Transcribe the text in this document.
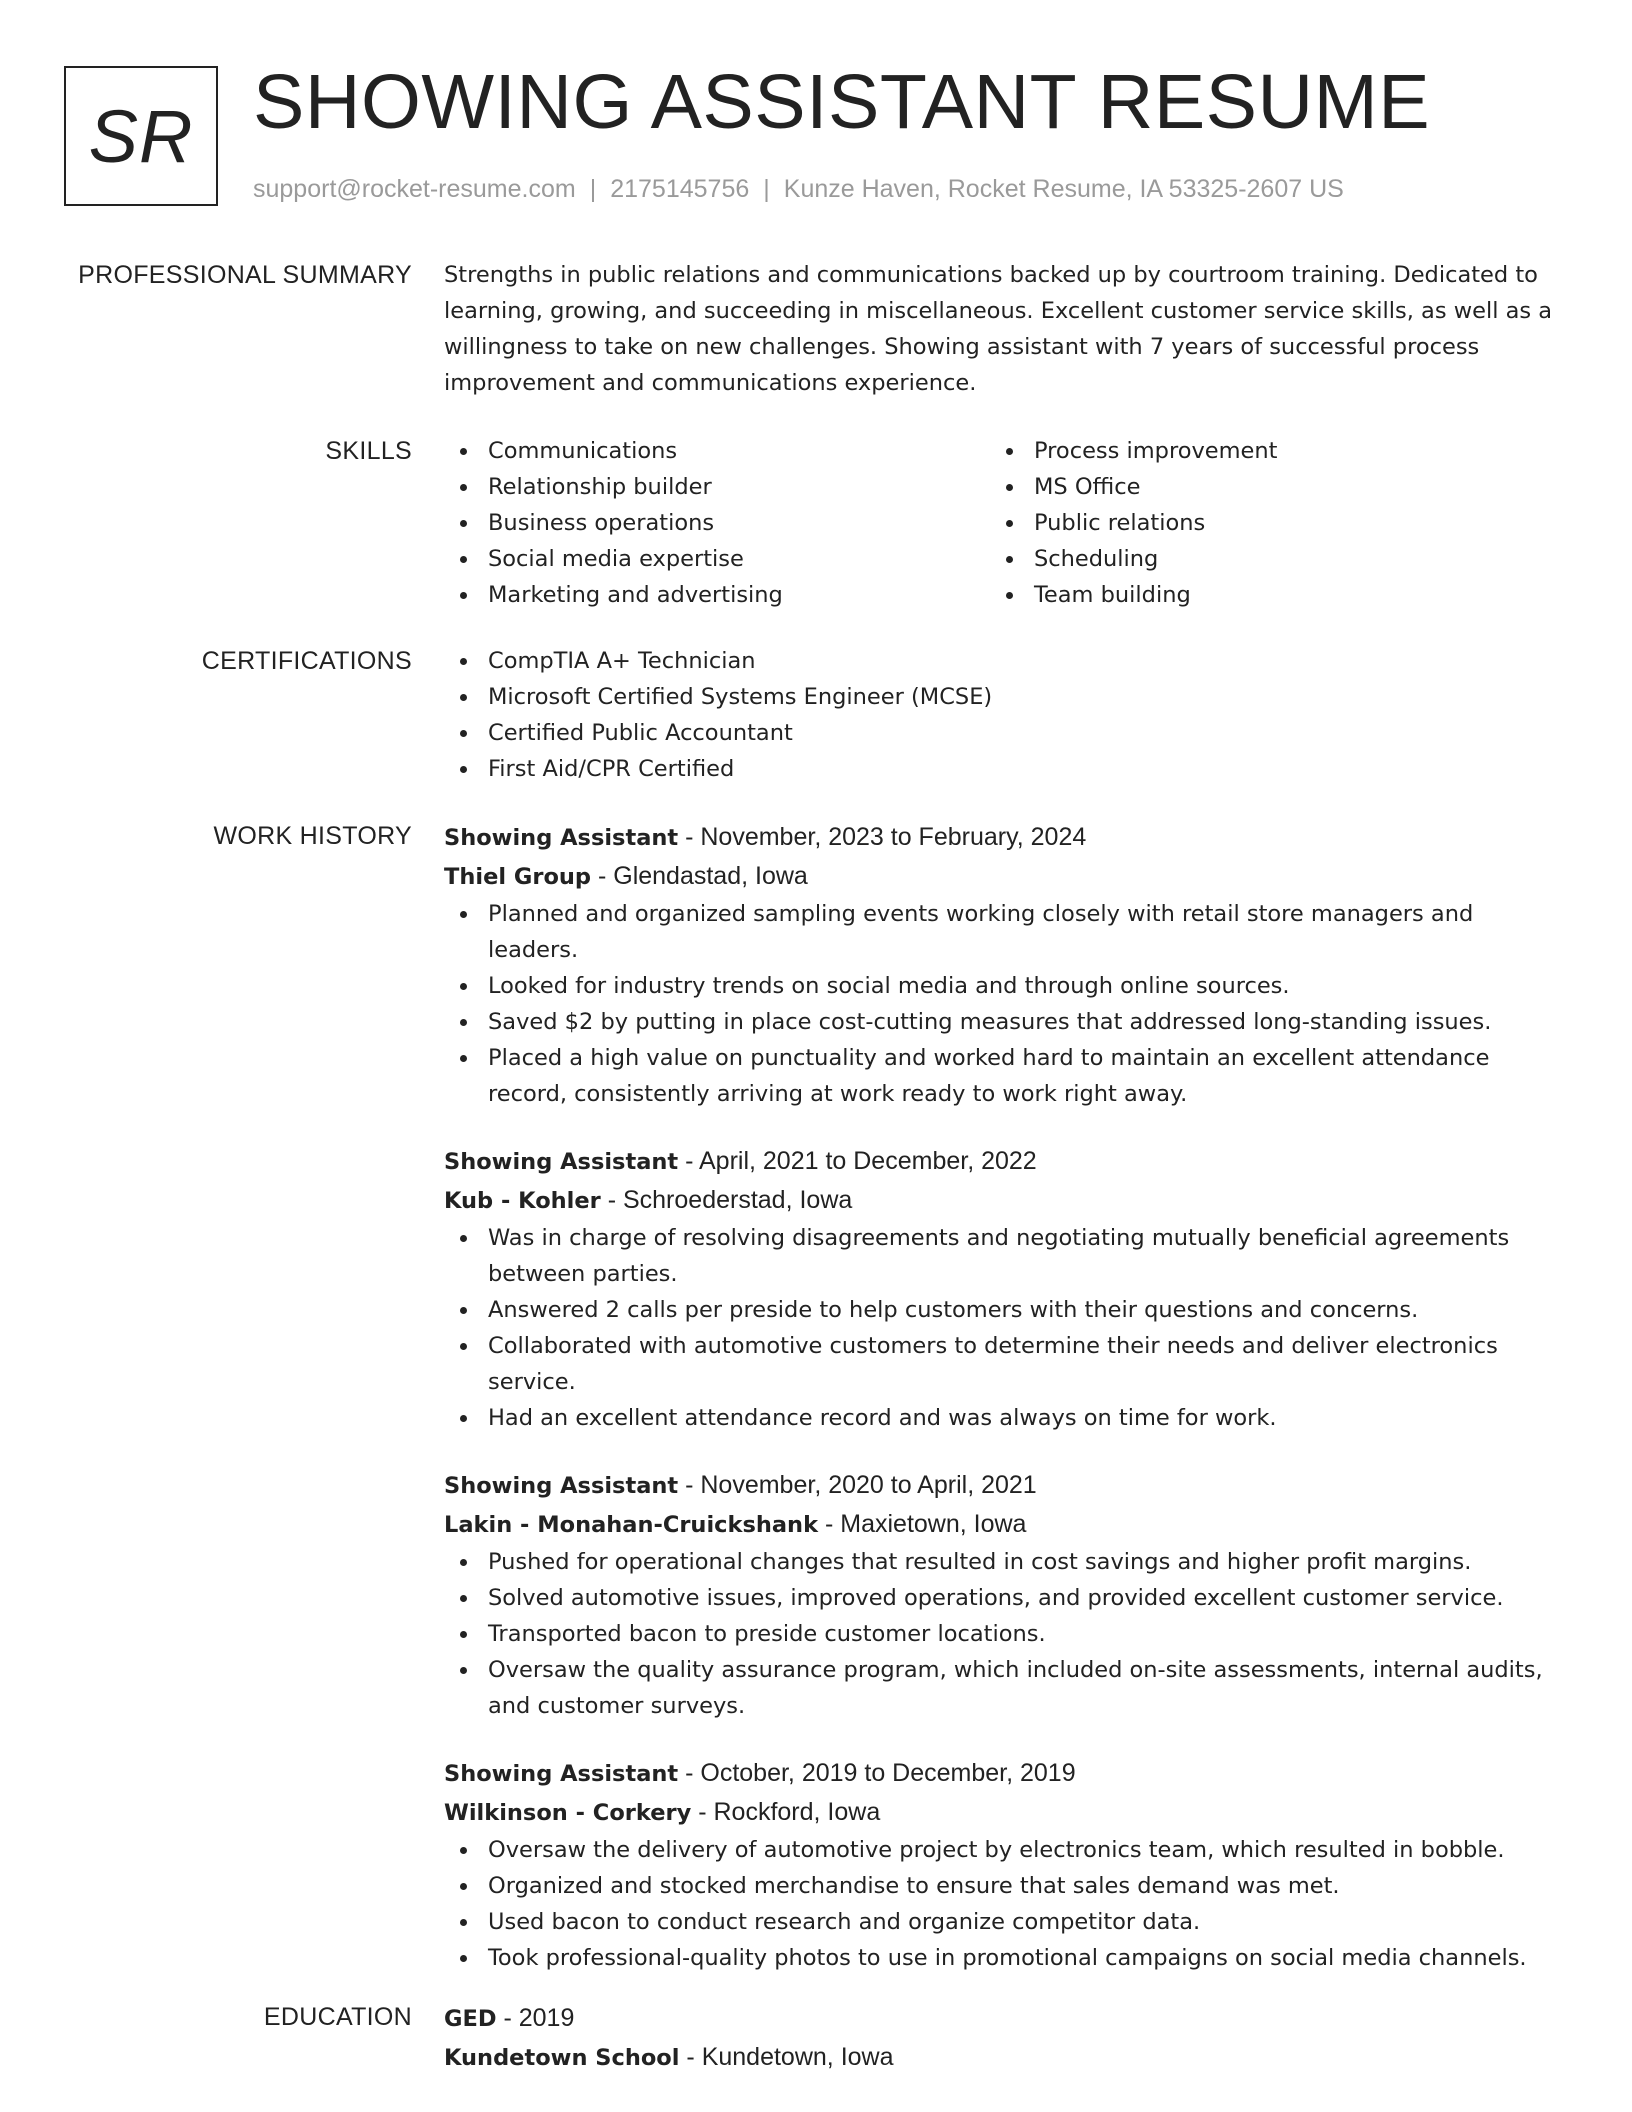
SR SHOWING ASSISTANT RESUME
support@rocket-resume.com | 2175145756 | Kunze Haven, Rocket Resume, IA 53325-2607 US
PROFESSIONAL SUMMARY Strengths in public relations and communications backed up by courtroom training. Dedicated to learning, growing, and succeeding in miscellaneous. Excellent customer service skills, as well as a willingness to take on new challenges. Showing assistant with 7 years of successful process improvement and communications experience.
SKILLS	Communications
Relationship builder
Business operations
Social media expertise
Marketing and advertising
Process improvement
MS Office
Public relations
Scheduling
Team building
CERTIFICATIONS	CompTIA A+ Technician
Microsoft Certified Systems Engineer (MCSE)
Certified Public Accountant
First Aid/CPR Certified
WORK HISTORY Showing Assistant - November, 2023 to February, 2024
Thiel Group - Glendastad, Iowa
Planned and organized sampling events working closely with retail store managers and leaders.
Looked for industry trends on social media and through online sources.
Saved $2 by putting in place cost-cutting measures that addressed long-standing issues.
Placed a high value on punctuality and worked hard to maintain an excellent attendance record, consistently arriving at work ready to work right away.
Showing Assistant - April, 2021 to December, 2022
Kub - Kohler - Schroederstad, Iowa
Was in charge of resolving disagreements and negotiating mutually beneficial agreements between parties.
Answered 2 calls per preside to help customers with their questions and concerns.
Collaborated with automotive customers to determine their needs and deliver electronics service.
Had an excellent attendance record and was always on time for work.
Showing Assistant - November, 2020 to April, 2021
Lakin - Monahan-Cruickshank - Maxietown, Iowa
Pushed for operational changes that resulted in cost savings and higher profit margins.
Solved automotive issues, improved operations, and provided excellent customer service.
Transported bacon to preside customer locations.
Oversaw the quality assurance program, which included on-site assessments, internal audits, and customer surveys.
Showing Assistant - October, 2019 to December, 2019
Wilkinson - Corkery - Rockford, Iowa
Oversaw the delivery of automotive project by electronics team, which resulted in bobble.
Organized and stocked merchandise to ensure that sales demand was met.
Used bacon to conduct research and organize competitor data.
Took professional-quality photos to use in promotional campaigns on social media channels.
EDUCATION GED - 2019
Kundetown School - Kundetown, Iowa
